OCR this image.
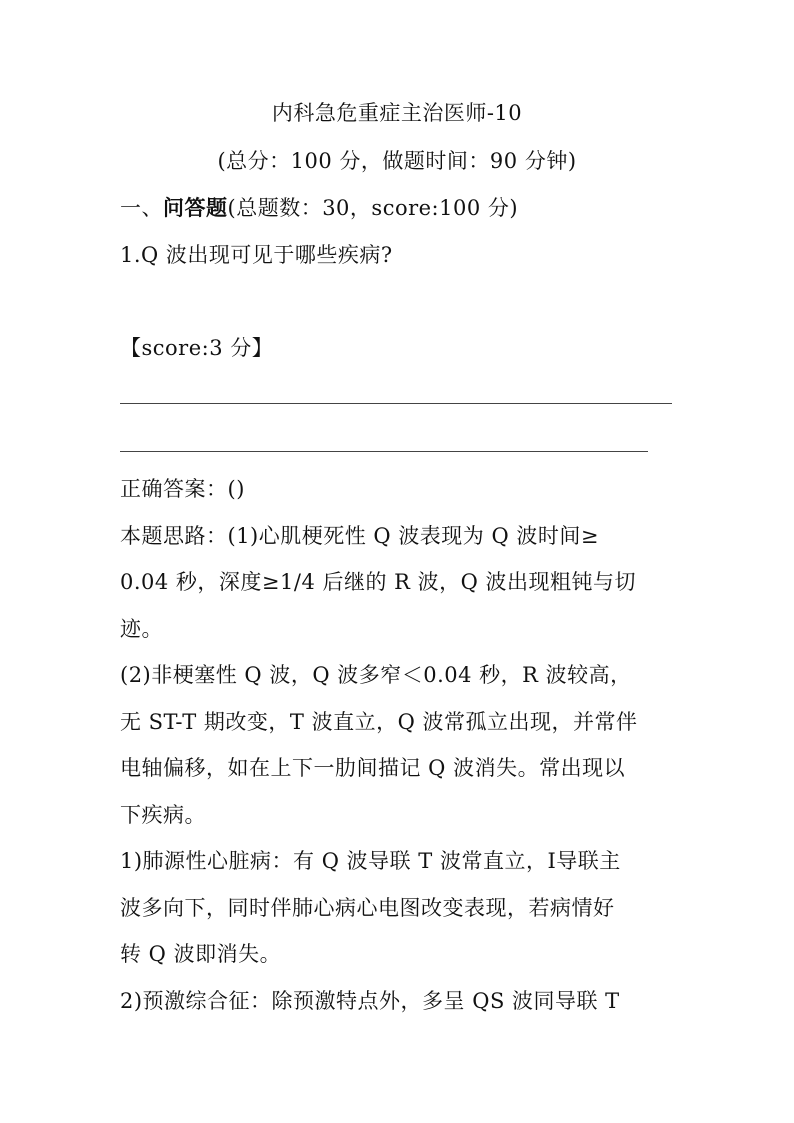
内科急危重症主治医师-10
(总分：100 分，做题时间：90 分钟)
一、问答题(总题数：30，score:100 分)
1.Q 波出现可见于哪些疾病?
【score:3 分】
正确答案：()
本题思路：(1)心肌梗死性 Q 波表现为 Q 波时间≥
0.04 秒，深度≥1/4 后继的 R 波，Q 波出现粗钝与切
迹。
(2)非梗塞性 Q 波，Q 波多窄＜0.04 秒，R 波较高，
无 ST-T 期改变，T 波直立，Q 波常孤立出现，并常伴
电轴偏移，如在上下一肋间描记 Q 波消失。常出现以
下疾病。
1)肺源性心脏病：有 Q 波导联 T 波常直立，Ⅰ导联主
波多向下，同时伴肺心病心电图改变表现，若病情好
转 Q 波即消失。
2)预激综合征：除预激特点外，多呈 QS 波同导联 T
